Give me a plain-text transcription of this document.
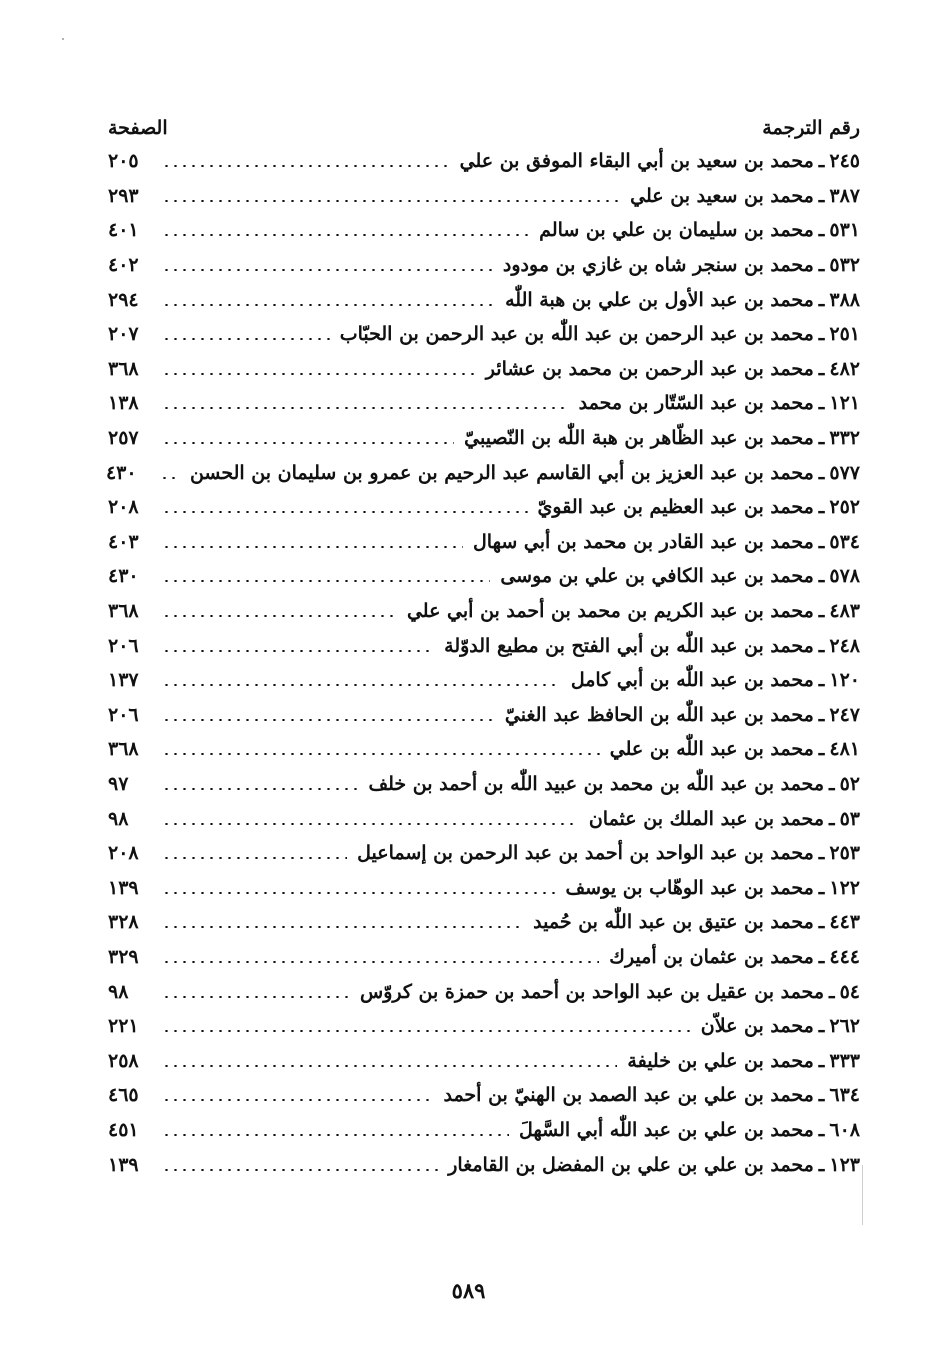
رقم الترجمة
الصفحة
٢٤٥
ـ
محمد بن سعيد بن أبي البقاء الموفق بن علي
٢٠٥
٣٨٧
ـ
محمد بن سعيد بن علي
٢٩٣
٥٣١
ـ
محمد بن سليمان بن علي بن سالم
٤٠١
٥٣٢
ـ
محمد بن سنجر شاه بن غازي بن مودود
٤٠٢
٣٨٨
ـ
محمد بن عبد الأول بن علي بن هبة اللّٰه
٢٩٤
٢٥١
ـ
محمد بن عبد الرحمن بن عبد اللّٰه بن عبد الرحمن بن الحبّاب
٢٠٧
٤٨٢
ـ
محمد بن عبد الرحمن بن محمد بن عشائر
٣٦٨
١٢١
ـ
محمد بن عبد السّتّار بن محمد
١٣٨
٣٣٢
ـ
محمد بن عبد الظّاهر بن هبة اللّٰه بن النّصيبيّ
٢٥٧
٥٧٧
ـ
محمد بن عبد العزيز بن أبي القاسم عبد الرحيم بن عمرو بن سليمان بن الحسن
٤٣٠
٢٥٢
ـ
محمد بن عبد العظيم بن عبد القويّ
٢٠٨
٥٣٤
ـ
محمد بن عبد القادر بن محمد بن أبي سهال
٤٠٣
٥٧٨
ـ
محمد بن عبد الكافي بن علي بن موسى
٤٣٠
٤٨٣
ـ
محمد بن عبد الكريم بن محمد بن أحمد بن أبي علي
٣٦٨
٢٤٨
ـ
محمد بن عبد اللّٰه بن أبي الفتح بن مطيع الدوّلة
٢٠٦
١٢٠
ـ
محمد بن عبد اللّٰه بن أبي كامل
١٣٧
٢٤٧
ـ
محمد بن عبد اللّٰه بن الحافظ عبد الغنيّ
٢٠٦
٤٨١
ـ
محمد بن عبد اللّٰه بن علي
٣٦٨
٥٢
ـ
محمد بن عبد اللّٰه بن محمد بن عبيد اللّٰه بن أحمد بن خلف
٩٧
٥٣
ـ
محمد بن عبد الملك بن عثمان
٩٨
٢٥٣
ـ
محمد بن عبد الواحد بن أحمد بن عبد الرحمن بن إسماعيل
٢٠٨
١٢٢
ـ
محمد بن عبد الوهّاب بن يوسف
١٣٩
٤٤٣
ـ
محمد بن عتيق بن عبد اللّٰه بن حُميد
٣٢٨
٤٤٤
ـ
محمد بن عثمان بن أميرك
٣٢٩
٥٤
ـ
محمد بن عقيل بن عبد الواحد بن أحمد بن حمزة بن كروّس
٩٨
٢٦٢
ـ
محمد بن علاّن
٢٢١
٣٣٣
ـ
محمد بن علي بن خليفة
٢٥٨
٦٣٤
ـ
محمد بن علي بن عبد الصمد بن الهنيّ بن أحمد
٤٦٥
٦٠٨
ـ
محمد بن علي بن عبد اللّٰه أبي السَّهلَ
٤٥١
١٢٣
ـ
محمد بن علي بن علي بن المفضل بن القامغار
١٣٩
٥٨٩
